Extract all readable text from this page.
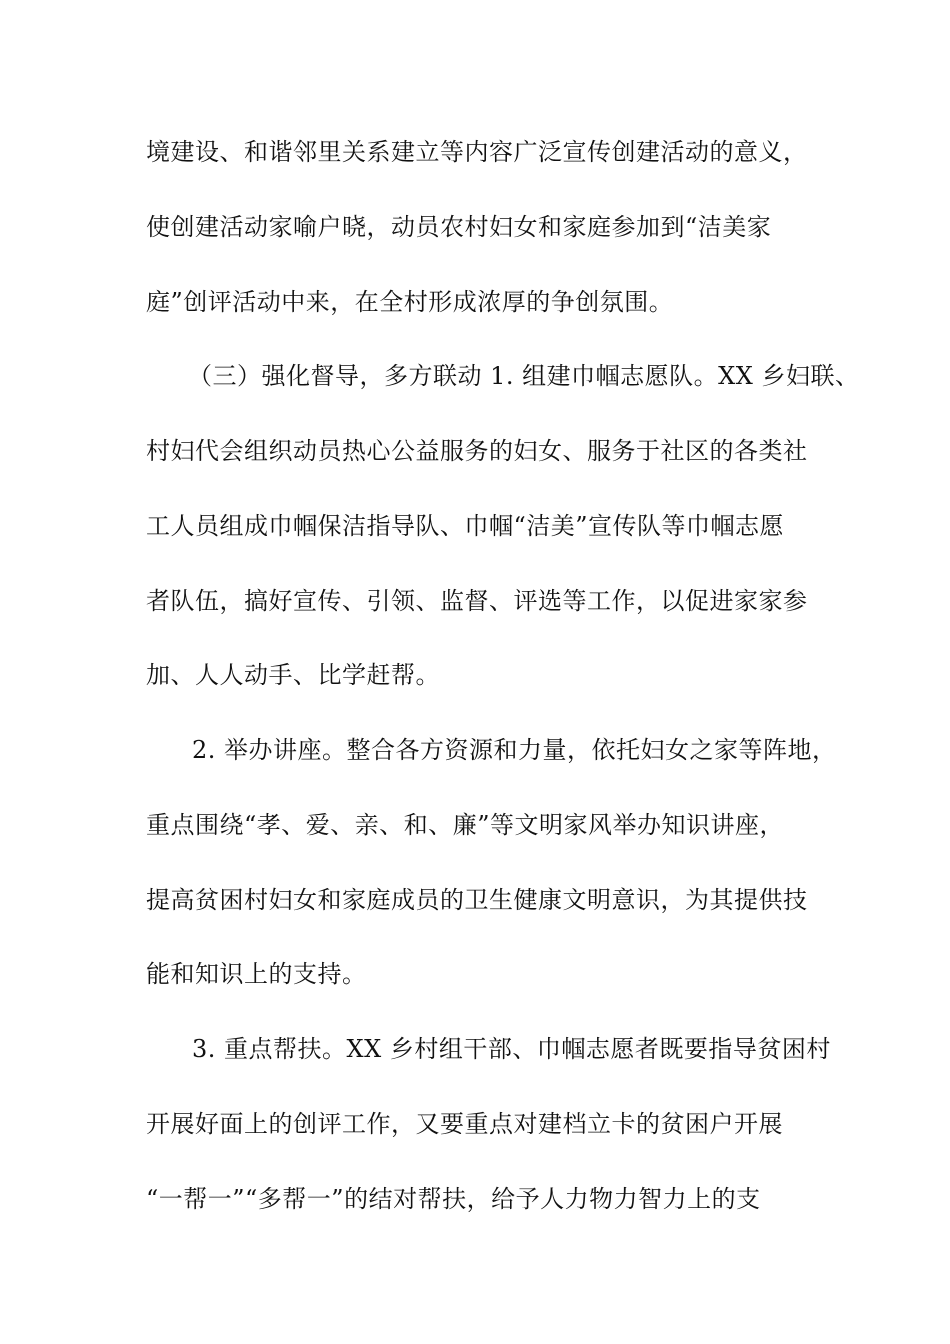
境建设、和谐邻里关系建立等内容广泛宣传创建活动的意义，
使创建活动家喻户晓，动员农村妇女和家庭参加到“洁美家
庭”创评活动中来，在全村形成浓厚的争创氛围。
（三）强化督导，多方联动 1. 组建巾帼志愿队。XX 乡妇联、
村妇代会组织动员热心公益服务的妇女、服务于社区的各类社
工人员组成巾帼保洁指导队、巾帼“洁美”宣传队等巾帼志愿
者队伍，搞好宣传、引领、监督、评选等工作，以促进家家参
加、人人动手、比学赶帮。
2. 举办讲座。整合各方资源和力量，依托妇女之家等阵地，
重点围绕“孝、爱、亲、和、廉”等文明家风举办知识讲座，
提高贫困村妇女和家庭成员的卫生健康文明意识，为其提供技
能和知识上的支持。
3. 重点帮扶。XX 乡村组干部、巾帼志愿者既要指导贫困村
开展好面上的创评工作，又要重点对建档立卡的贫困户开展
“一帮一”“多帮一”的结对帮扶，给予人力物力智力上的支
